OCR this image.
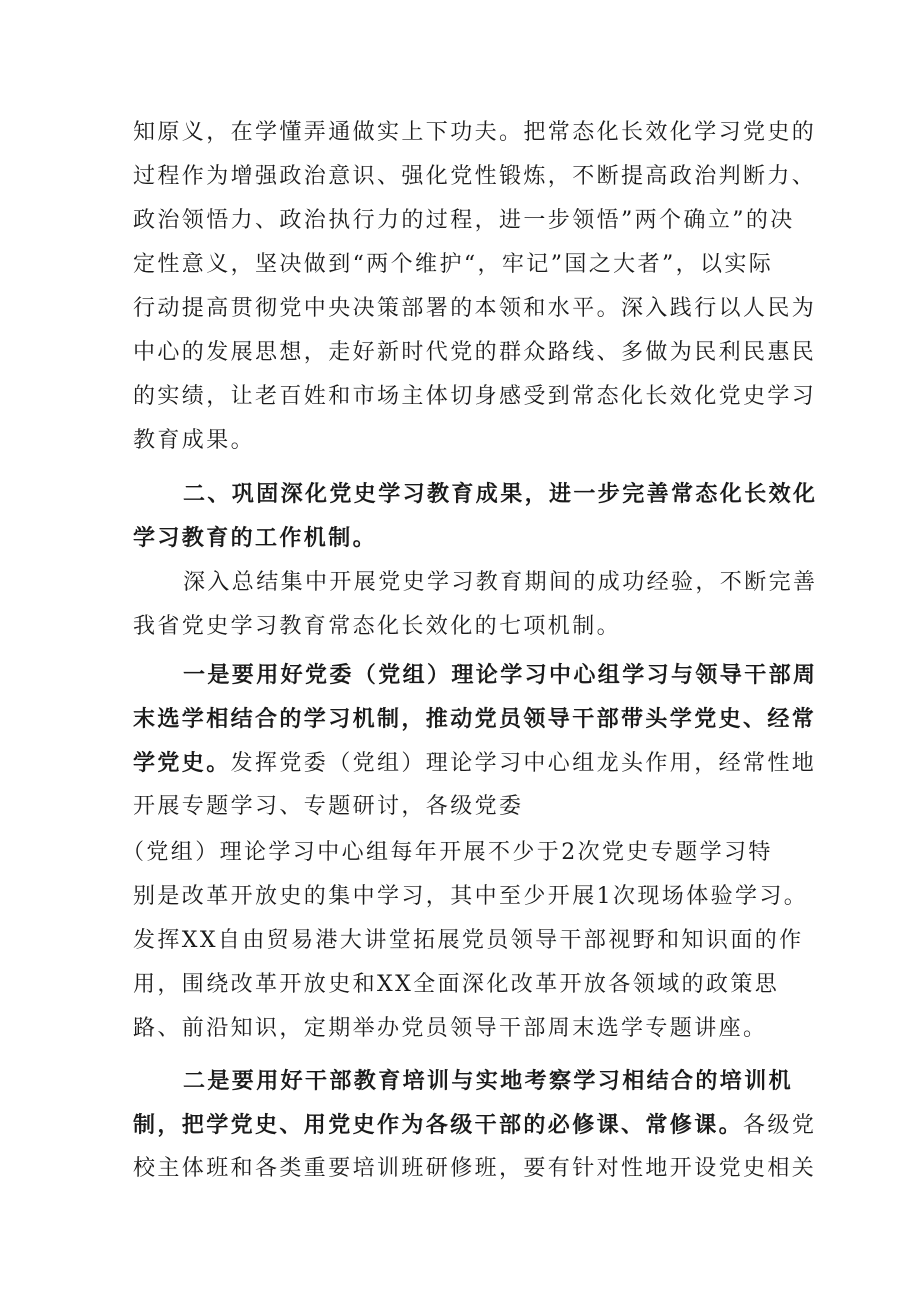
知原义，在学懂弄通做实上下功夫。把常态化长效化学习党史的
过程作为增强政治意识、强化党性锻炼，不断提高政治判断力、
政治领悟力、政治执行力的过程，进一步领悟”两个确立”的决
定性意义，坚决做到“两个维护“，牢记”国之大者”，以实际
行动提高贯彻党中央决策部署的本领和水平。深入践行以人民为
中心的发展思想，走好新时代党的群众路线、多做为民利民惠民
的实绩，让老百姓和市场主体切身感受到常态化长效化党史学习
教育成果。
二、巩固深化党史学习教育成果，进一步完善常态化长效化
学习教育的工作机制。
深入总结集中开展党史学习教育期间的成功经验，不断完善
我省党史学习教育常态化长效化的七项机制。
一是要用好党委（党组）理论学习中心组学习与领导干部周
末选学相结合的学习机制，推动党员领导干部带头学党史、经常
学党史。发挥党委（党组）理论学习中心组龙头作用，经常性地
开展专题学习、专题研讨，各级党委
（党组）理论学习中心组每年开展不少于2次党史专题学习特
别是改革开放史的集中学习，其中至少开展1次现场体验学习。
发挥XX自由贸易港大讲堂拓展党员领导干部视野和知识面的作
用，围绕改革开放史和XX全面深化改革开放各领域的政策思
路、前沿知识，定期举办党员领导干部周末选学专题讲座。
二是要用好干部教育培训与实地考察学习相结合的培训机
制，把学党史、用党史作为各级干部的必修课、常修课。各级党
校主体班和各类重要培训班研修班，要有针对性地开设党史相关
